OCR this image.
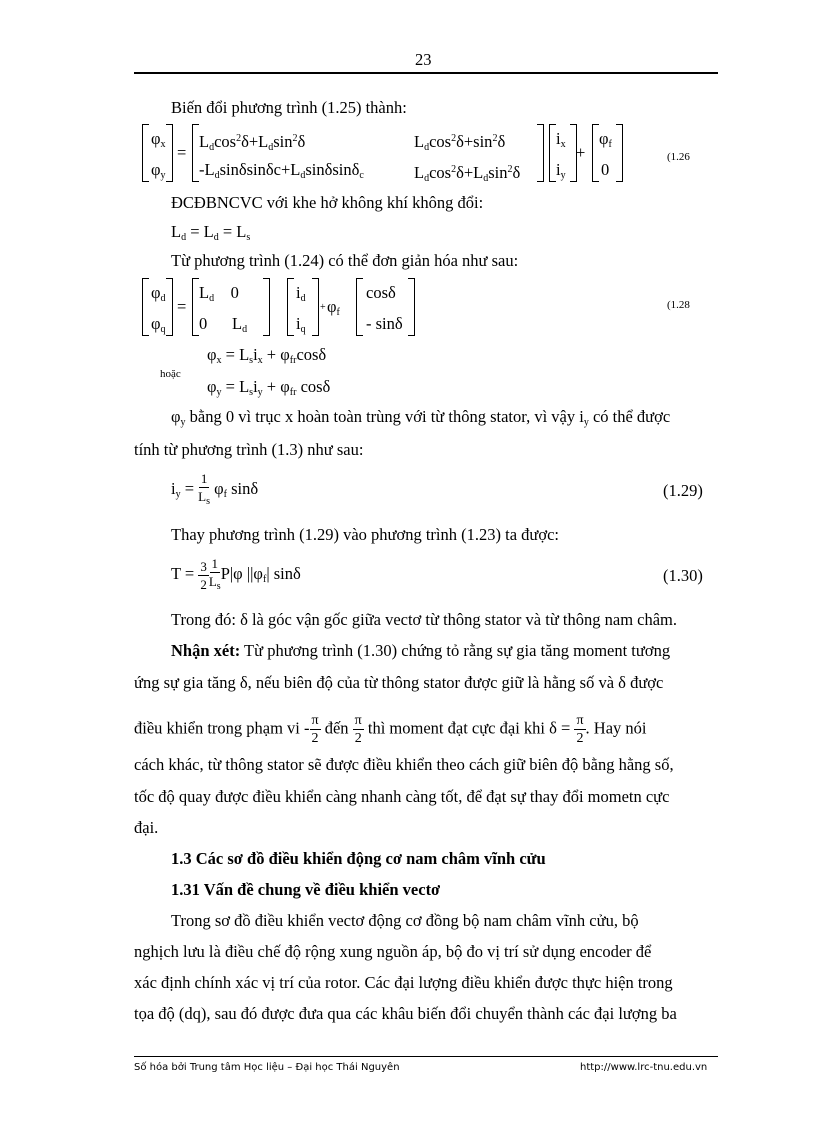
23
Biến đổi phương trình (1.25) thành:
$\varphi_x$
$\varphi_y$
=
$L_d\cos^2\delta+L_d\sin^2\delta$	$L_d\cos^2\delta+\sin^2\delta$
$-L_d\sin\delta\sin\delta c+L_d\sin\delta\sin\delta_c$	$L_d\cos^2\delta+L_d\sin^2\delta$
$i_x$
$i_y$
+
$\varphi_f$
0
(1.26
ĐCĐBNCVC với khe hở không khí không đổi:
$L_d = L_d = L_s$
Từ phương trình (1.24) có thể đơn giản hóa như sau:
$\varphi_d$
$\varphi_q$
=
$L_d$    0
0      $L_d$
$i_d$
$i_q$
+ $\varphi_f$
cosδ
- sinδ
(1.28
$\varphi_x = L_si_x + \varphi_{fr}\cos\delta$
hoặc
$\varphi_y = L_si_y + \varphi_{fr}$ cosδ
$\varphi_y$ bằng 0 vì trục x hoàn toàn trùng với từ thông stator, vì vậy $i_y$ có thể được
tính từ phương trình (1.3) như sau:
$i_y = \frac{1}{L_s} \varphi_f$ sinδ	(1.29)
Thay phương trình (1.29) vào phương trình (1.23) ta được:
$T = \frac{3}{2} \frac{1}{L_s} P|\varphi$ $||\varphi_f|$ sinδ	(1.30)
Trong đó: δ là góc vận gốc giữa vectơ từ thông stator và từ thông nam châm.
Nhận xét: Từ phương trình (1.30) chứng tỏ rằng sự gia tăng moment tương
ứng sự gia tăng δ, nếu biên độ của từ thông stator được giữ là hằng số và δ được
điều khiển trong phạm vi - $\frac{\pi}{2}$ đến $\frac{\pi}{2}$ thì moment đạt cực đại khi $\delta = \frac{\pi}{2}$ . Hay nói
cách khác, từ thông stator sẽ được điều khiển theo cách giữ biên độ bằng hằng số,
tốc độ quay được điều khiển càng nhanh càng tốt, để đạt sự thay đổi mometn cực
đại.
1.3 Các sơ đồ điều khiển động cơ nam châm vĩnh cửu
1.31 Vấn đề chung về điều khiển vectơ
Trong sơ đồ điều khiển vectơ động cơ đồng bộ nam châm vĩnh cửu, bộ
nghịch lưu là điều chế độ rộng xung nguồn áp, bộ đo vị trí sử dụng encoder để
xác định chính xác vị trí của rotor. Các đại lượng điều khiển được thực hiện trong
tọa độ (dq), sau đó được đưa qua các khâu biến đổi chuyển thành các đại lượng ba
Số hóa bởi Trung tâm Học liệu – Đại học Thái Nguyên	http://www.lrc-tnu.edu.vn
